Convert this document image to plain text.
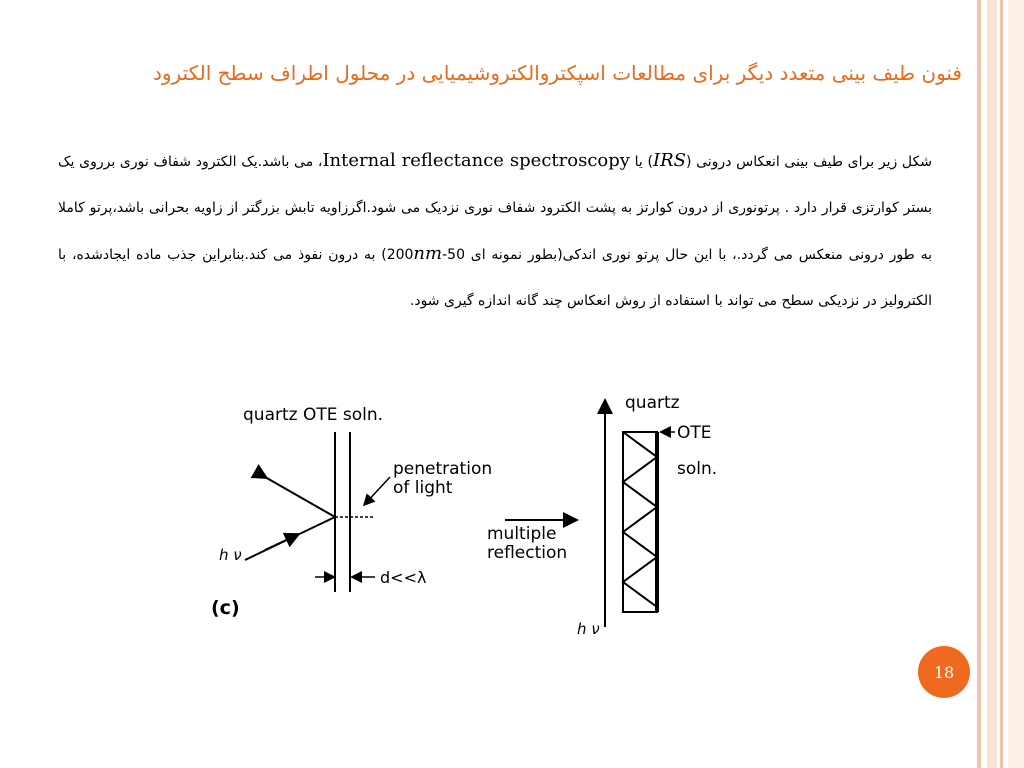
فنون طیف بینی متعدد دیگر برای مطالعات اسپکتروالکتروشیمیایی در محلول اطراف سطح الکترود

شکل زیر برای طیف بینی انعکاس درونی (IRS) یا Internal reflectance spectroscopy، می باشد.یک الکترود شفاف نوری برروی یک بستر کوارتزی قرار دارد . پرتونوری از درون کوارتز به پشت الکترود شفاف نوری نزدیک می شود.اگرزاویه تابش بزرگتر از زاویه بحرانی باشد،پرتو کاملا به طور درونی منعکس می گردد.، با این حال پرتو نوری اندکی(بطور نمونه ای 50-200nm) به درون نفوذ می کند.بنابراین جذب ماده ایجادشده، با الکترولیز در نزدیکی سطح می تواند با استفاده از روش انعکاس چند گانه اندازه گیری شود.

quartz OTE soln.
penetration
of light
h ν
d<<λ
(c)
quartz
OTE
soln.
multiple
reflection
h ν
18
